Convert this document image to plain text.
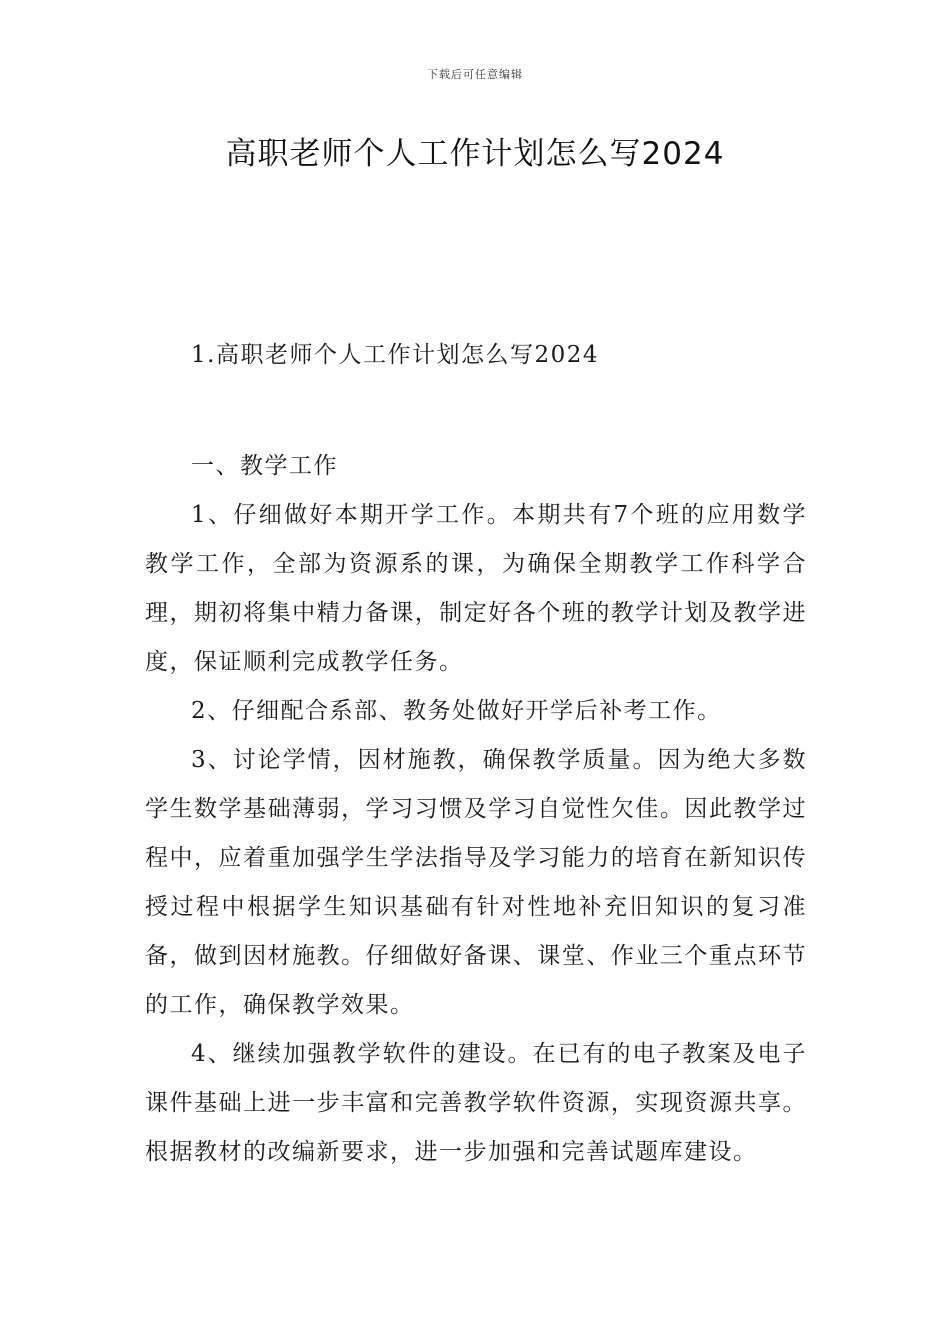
下载后可任意编辑
高职老师个人工作计划怎么写2024

1.高职老师个人工作计划怎么写2024

一、教学工作

1、仔细做好本期开学工作。本期共有7个班的应用数学教学工作，全部为资源系的课，为确保全期教学工作科学合理，期初将集中精力备课，制定好各个班的教学计划及教学进度，保证顺利完成教学任务。

2、仔细配合系部、教务处做好开学后补考工作。

3、讨论学情，因材施教，确保教学质量。因为绝大多数学生数学基础薄弱，学习习惯及学习自觉性欠佳。因此教学过程中，应着重加强学生学法指导及学习能力的培育在新知识传授过程中根据学生知识基础有针对性地补充旧知识的复习准备，做到因材施教。仔细做好备课、课堂、作业三个重点环节的工作，确保教学效果。

4、继续加强教学软件的建设。在已有的电子教案及电子课件基础上进一步丰富和完善教学软件资源，实现资源共享。根据教材的改编新要求，进一步加强和完善试题库建设。
